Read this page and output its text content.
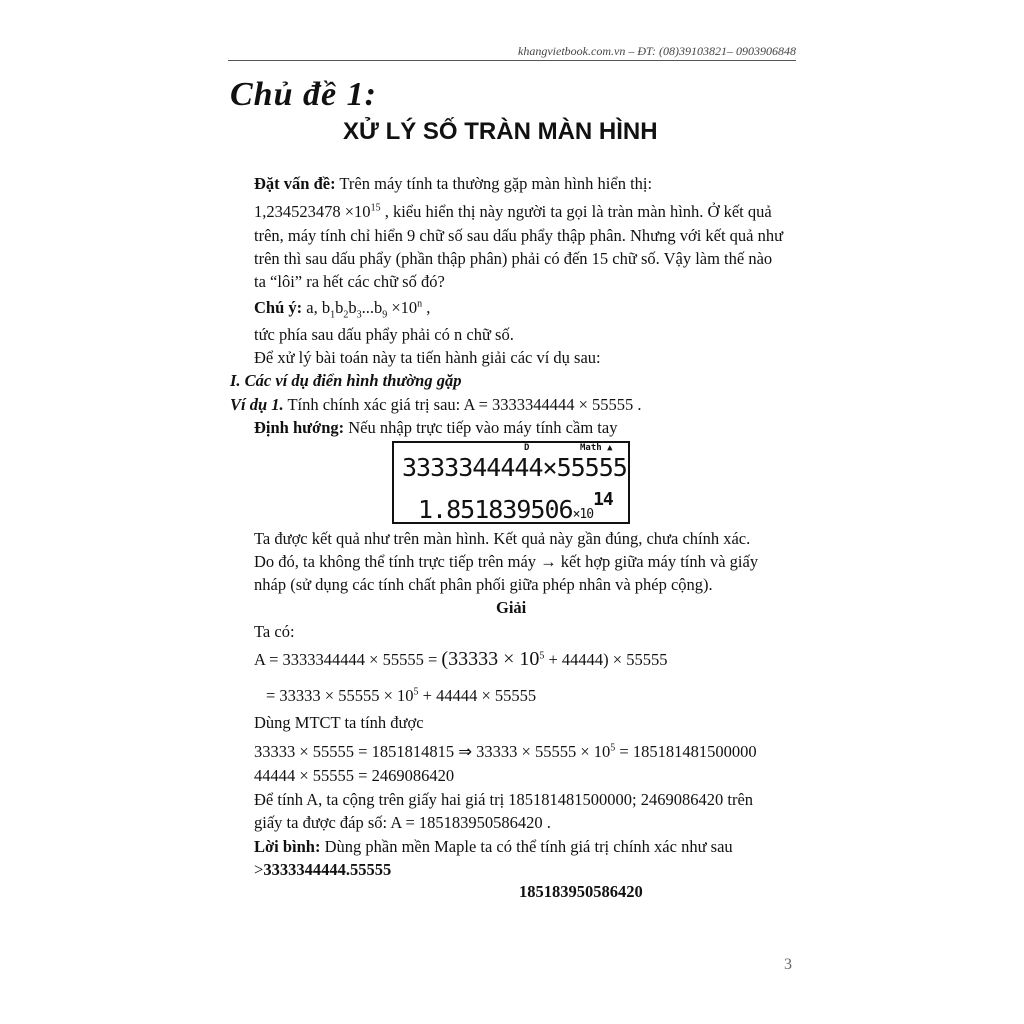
khangvietbook.com.vn – ĐT: (08)39103821– 0903906848
Chủ đề 1:
XỬ LÝ SỐ TRÀN MÀN HÌNH
Đặt vấn đề: Trên máy tính ta thường gặp màn hình hiển thị:
$1,234523478 \times 10^{15}$ , kiểu hiển thị này người ta gọi là tràn màn hình. Ở kết quả
trên, máy tính chỉ hiển 9 chữ số sau dấu phẩy thập phân. Nhưng với kết quả như
trên thì sau dấu phẩy (phần thập phân) phải có đến 15 chữ số. Vậy làm thế nào
ta “lôi” ra hết các chữ số đó?
Chú ý: a, $b_1b_2b_3...b_9 \times 10^n$ ,
tức phía sau dấu phẩy phải có n chữ số.
Để xử lý bài toán này ta tiến hành giải các ví dụ sau:
I. Các ví dụ điển hình thường gặp
Ví dụ 1. Tính chính xác giá trị sau: A = 3333344444 × 55555 .
Định hướng: Nếu nhập trực tiếp vào máy tính cầm tay
D	Math ▲
3333344444×55555
1.851839506×10
14
Ta được kết quả như trên màn hình. Kết quả này gần đúng, chưa chính xác.
Do đó, ta không thể tính trực tiếp trên máy → kết hợp giữa máy tính và giấy
nháp (sử dụng các tính chất phân phối giữa phép nhân và phép cộng).
Giải
Ta có:
$A = 3333344444 \times 55555 = (33333 \times 10^5 + 44444) \times 55555$
= $33333 \times 55555 \times 10^5 + 44444 \times 55555$
Dùng MTCT ta tính được
33333 × 55555 = 1851814815 ⇒ $33333 \times 55555 \times 10^5 = 185181481500000$
44444 × 55555 = 2469086420
Để tính A, ta cộng trên giấy hai giá trị 185181481500000; 2469086420 trên
giấy ta được đáp số: A = 185183950586420 .
Lời bình: Dùng phần mền Maple ta có thể tính giá trị chính xác như sau
>3333344444.55555
185183950586420
3
